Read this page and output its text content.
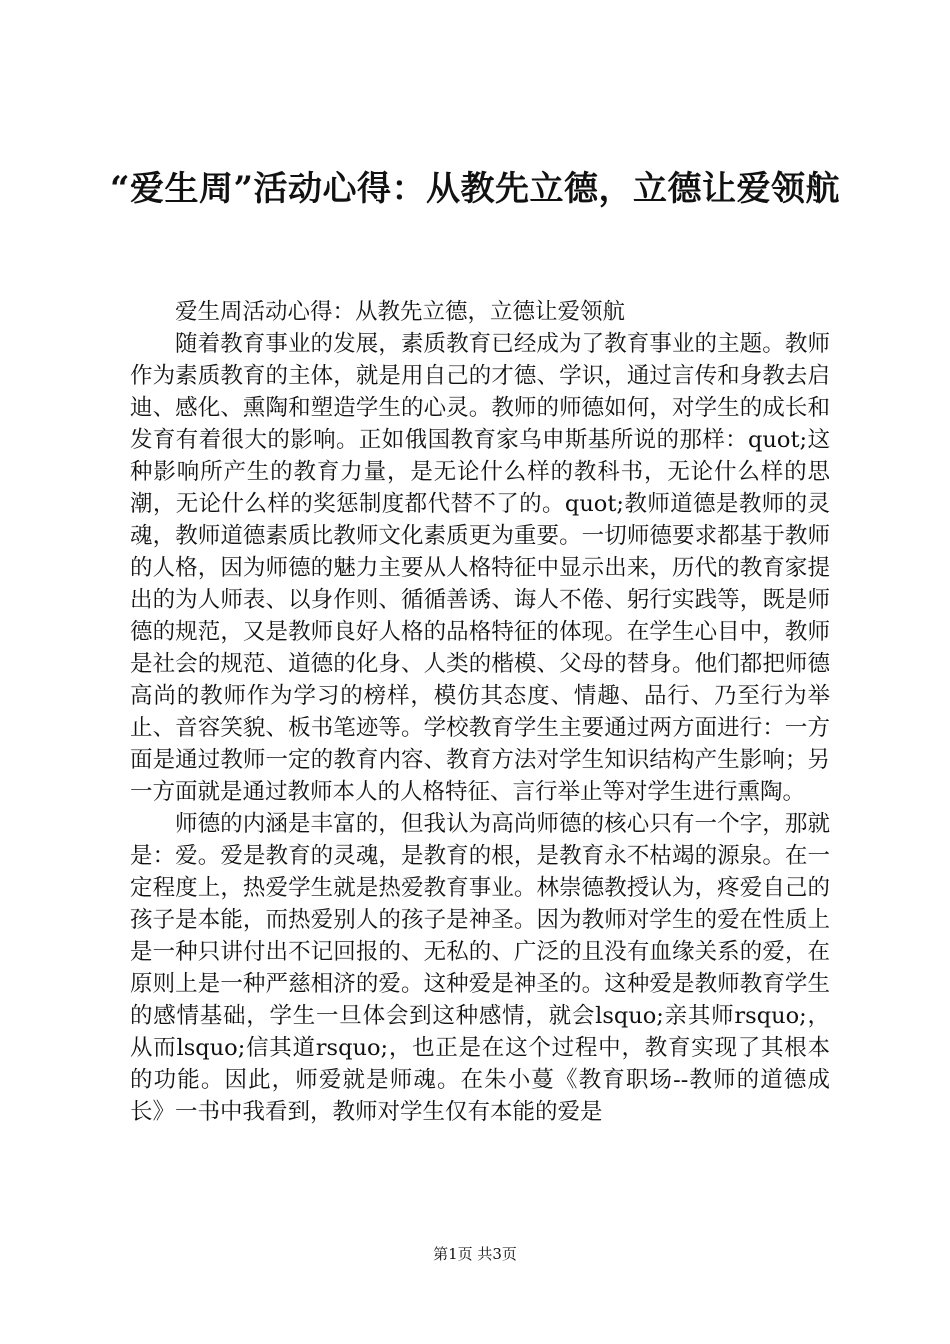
“爱生周”活动心得：从教先立德，立德让爱领航

爱生周活动心得：从教先立德，立德让爱领航

随着教育事业的发展，素质教育已经成为了教育事业的主题。教师作为素质教育的主体，就是用自己的才德、学识，通过言传和身教去启迪、感化、熏陶和塑造学生的心灵。教师的师德如何，对学生的成长和发育有着很大的影响。正如俄国教育家乌申斯基所说的那样：quot;这种影响所产生的教育力量，是无论什么样的教科书，无论什么样的思潮，无论什么样的奖惩制度都代替不了的。quot;教师道德是教师的灵魂，教师道德素质比教师文化素质更为重要。一切师德要求都基于教师的人格，因为师德的魅力主要从人格特征中显示出来，历代的教育家提出的为人师表、以身作则、循循善诱、诲人不倦、躬行实践等，既是师德的规范，又是教师良好人格的品格特征的体现。在学生心目中，教师是社会的规范、道德的化身、人类的楷模、父母的替身。他们都把师德高尚的教师作为学习的榜样，模仿其态度、情趣、品行、乃至行为举止、音容笑貌、板书笔迹等。学校教育学生主要通过两方面进行：一方面是通过教师一定的教育内容、教育方法对学生知识结构产生影响；另一方面就是通过教师本人的人格特征、言行举止等对学生进行熏陶。

师德的内涵是丰富的，但我认为高尚师德的核心只有一个字，那就是：爱。爱是教育的灵魂，是教育的根，是教育永不枯竭的源泉。在一定程度上，热爱学生就是热爱教育事业。林崇德教授认为，疼爱自己的孩子是本能，而热爱别人的孩子是神圣。因为教师对学生的爱在性质上是一种只讲付出不记回报的、无私的、广泛的且没有血缘关系的爱，在原则上是一种严慈相济的爱。这种爱是神圣的。这种爱是教师教育学生的感情基础，学生一旦体会到这种感情，就会lsquo;亲其师rsquo;，从而lsquo;信其道rsquo;，也正是在这个过程中，教育实现了其根本的功能。因此，师爱就是师魂。在朱小蔓《教育职场--教师的道德成长》一书中我看到，教师对学生仅有本能的爱是

第1页 共3页
